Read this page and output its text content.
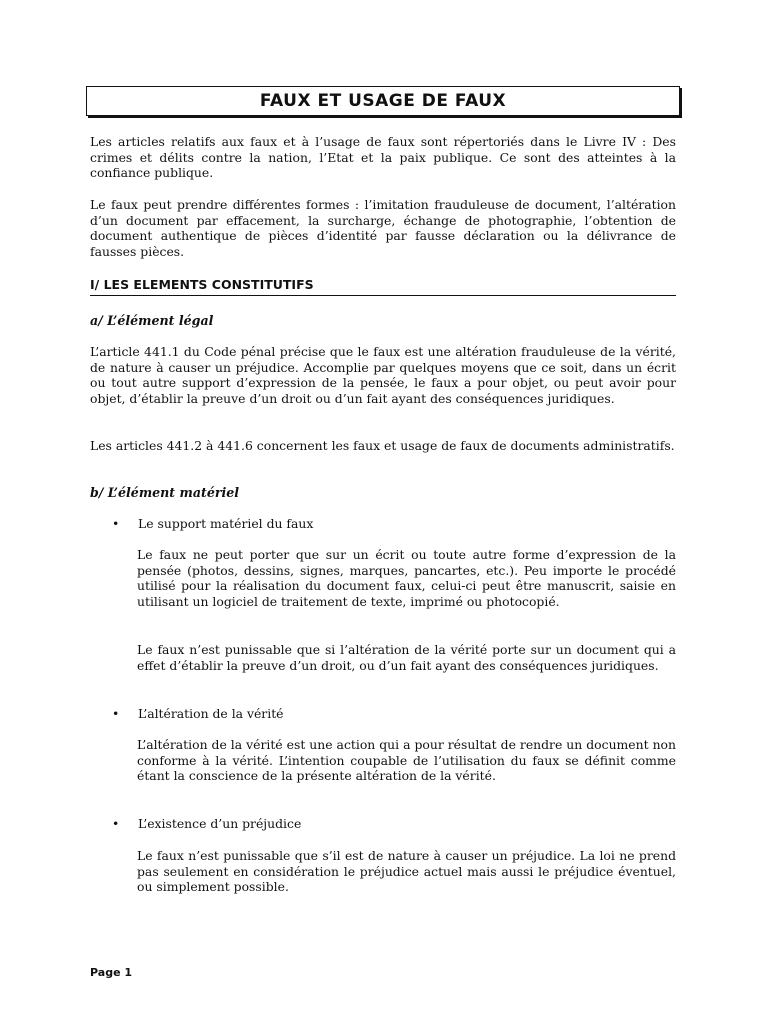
FAUX ET USAGE DE FAUX

Les articles relatifs aux faux et à l’usage de faux sont répertoriés dans le Livre IV : Des crimes et délits contre la nation, l’Etat et la paix publique. Ce sont des atteintes à la confiance publique.

Le faux peut prendre différentes formes : l’imitation frauduleuse de document, l’altération d’un document par effacement, la surcharge, échange de photographie, l’obtention de document authentique de pièces d’identité par fausse déclaration ou la délivrance de fausses pièces.

I/ LES ELEMENTS CONSTITUTIFS
a/ L’élément légal

L’article 441.1 du Code pénal précise que le faux est une altération frauduleuse de la vérité, de nature à causer un préjudice. Accomplie par quelques moyens que ce soit, dans un écrit ou tout autre support d’expression de la pensée, le faux a pour objet, ou peut avoir pour objet, d’établir la preuve d’un droit ou d’un fait ayant des conséquences juridiques.

Les articles 441.2 à 441.6 concernent les faux et usage de faux de documents administratifs.

b/ L’élément matériel
• Le support matériel du faux

Le faux ne peut porter que sur un écrit ou toute autre forme d’expression de la pensée (photos, dessins, signes, marques, pancartes, etc.). Peu importe le procédé utilisé pour la réalisation du document faux, celui-ci peut être manuscrit, saisie en utilisant un logiciel de traitement de texte, imprimé ou photocopié.

Le faux n’est punissable que si l’altération de la vérité porte sur un document qui a effet d’établir la preuve d’un droit, ou d’un fait ayant des conséquences juridiques.

• L’altération de la vérité

L’altération de la vérité est une action qui a pour résultat de rendre un document non conforme à la vérité. L’intention coupable de l’utilisation du faux se définit comme étant la conscience de la présente altération de la vérité.

• L’existence d’un préjudice

Le faux n’est punissable que s’il est de nature à causer un préjudice. La loi ne prend pas seulement en considération le préjudice actuel mais aussi le préjudice éventuel, ou simplement possible.

Page 1
